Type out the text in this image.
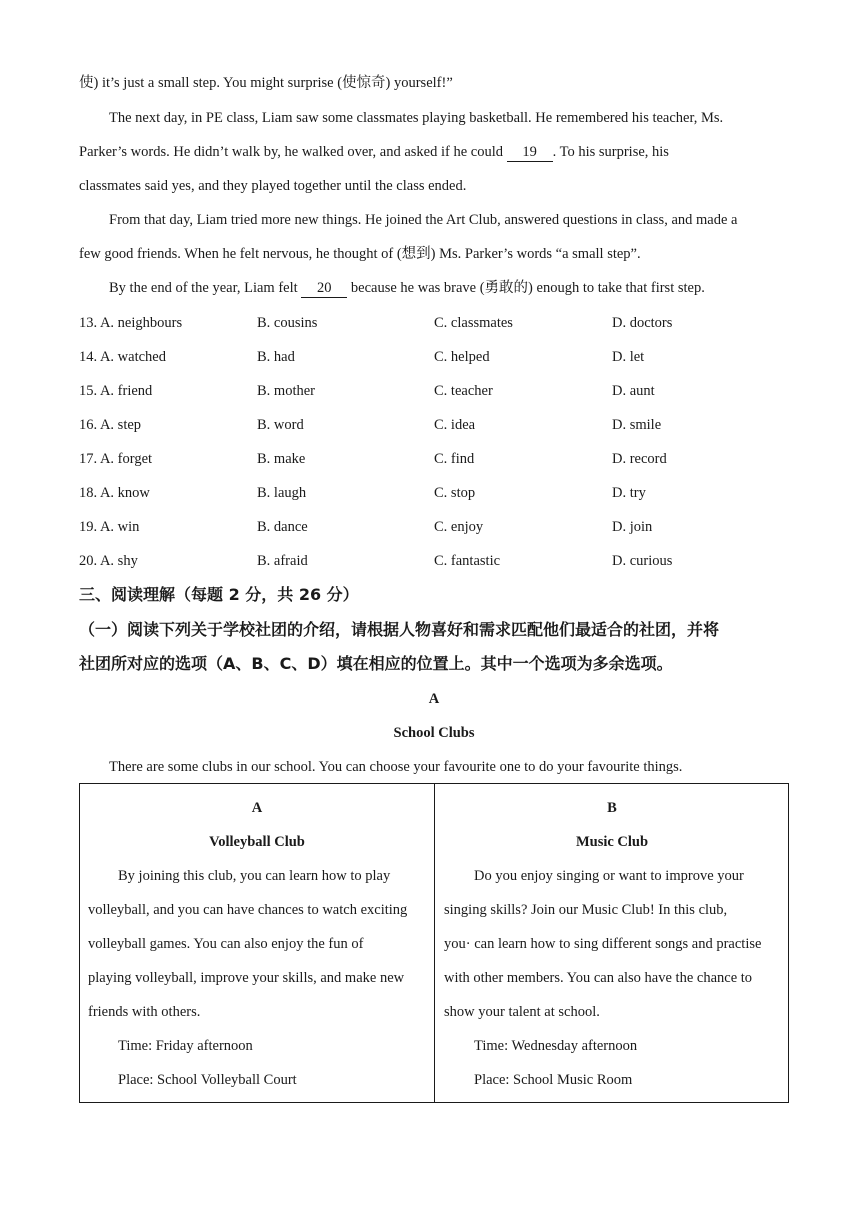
使) it’s just a small step. You might surprise (使惊奇) yourself!”
The next day, in PE class, Liam saw some classmates playing basketball. He remembered his teacher, Ms.
Parker’s words. He didn’t walk by, he walked over, and asked if he could 19 . To his surprise, his
classmates said yes, and they played together until the class ended.
From that day, Liam tried more new things. He joined the Art Club, answered questions in class, and made a
few good friends. When he felt nervous, he thought of (想到) Ms. Parker’s words “a small step”.
By the end of the year, Liam felt 20 because he was brave (勇敢的) enough to take that first step.
13. A. neighbours	B. cousins	C. classmates	D. doctors
14. A. watched	B. had	C. helped	D. let
15. A. friend	B. mother	C. teacher	D. aunt
16. A. step	B. word	C. idea	D. smile
17. A. forget	B. make	C. find	D. record
18. A. know	B. laugh	C. stop	D. try
19. A. win	B. dance	C. enjoy	D. join
20. A. shy	B. afraid	C. fantastic	D. curious
三、阅读理解（每题 2 分，共 26 分）
（一）阅读下列关于学校社团的介绍，请根据人物喜好和需求匹配他们最适合的社团，并将
社团所对应的选项（A、B、C、D）填在相应的位置上。其中一个选项为多余选项。
A
School Clubs
There are some clubs in our school. You can choose your favourite one to do your favourite things.
A
Volleyball Club
By joining this club, you can learn how to play
volleyball, and you can have chances to watch exciting
volleyball games. You can also enjoy the fun of
playing volleyball, improve your skills, and make new
friends with others.
Time: Friday afternoon
Place: School Volleyball Court
B
Music Club
Do you enjoy singing or want to improve your
singing skills? Join our Music Club! In this club,
you· can learn how to sing different songs and practise
with other members. You can also have the chance to
show your talent at school.
Time: Wednesday afternoon
Place: School Music Room
